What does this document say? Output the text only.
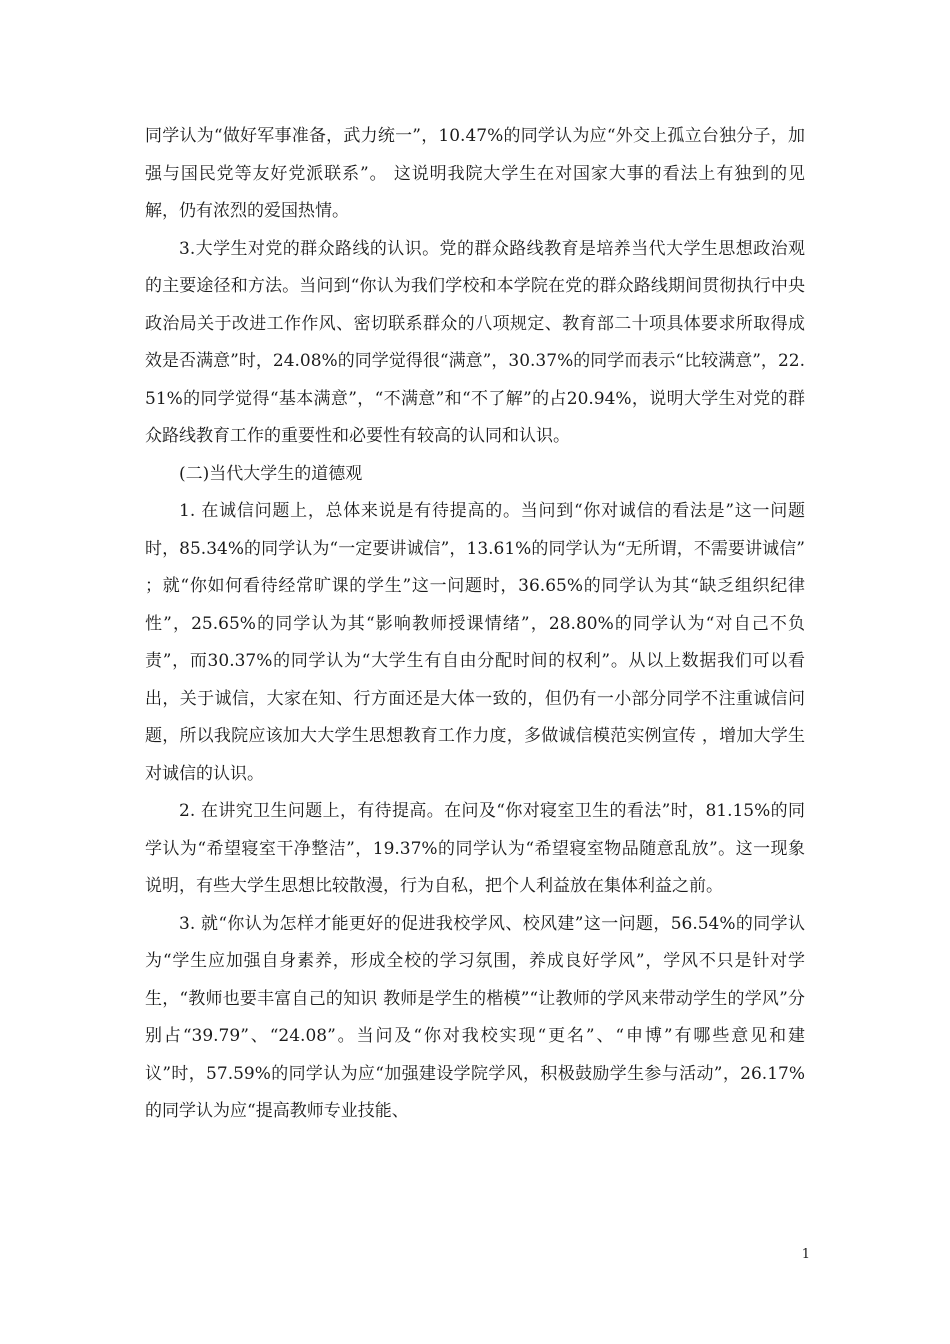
同学认为“做好军事准备，武力统一”，10.47%的同学认为应“外交上孤立台独分子，加强与国民党等友好党派联系”。 这说明我院大学生在对国家大事的看法上有独到的见解，仍有浓烈的爱国热情。

3.大学生对党的群众路线的认识。党的群众路线教育是培养当代大学生思想政治观的主要途径和方法。当问到“你认为我们学校和本学院在党的群众路线期间贯彻执行中央政治局关于改进工作作风、密切联系群众的八项规定、教育部二十项具体要求所取得成效是否满意”时，24.08%的同学觉得很“满意”，30.37%的同学而表示“比较满意”，22.51%的同学觉得“基本满意”，“不满意”和“不了解”的占20.94%，说明大学生对党的群众路线教育工作的重要性和必要性有较高的认同和认识。

(二)当代大学生的道德观

1. 在诚信问题上，总体来说是有待提高的。当问到“你对诚信的看法是”这一问题时，85.34%的同学认为“一定要讲诚信”，13.61%的同学认为“无所谓，不需要讲诚信” ；就“你如何看待经常旷课的学生”这一问题时，36.65%的同学认为其“缺乏组织纪律性”，25.65%的同学认为其“影响教师授课情绪”，28.80%的同学认为“对自己不负责”，而30.37%的同学认为“大学生有自由分配时间的权利”。从以上数据我们可以看出，关于诚信，大家在知、行方面还是大体一致的，但仍有一小部分同学不注重诚信问题，所以我院应该加大大学生思想教育工作力度，多做诚信模范实例宣传 ，增加大学生对诚信的认识。

2. 在讲究卫生问题上，有待提高。在问及“你对寝室卫生的看法”时，81.15%的同学认为“希望寝室干净整洁”，19.37%的同学认为“希望寝室物品随意乱放”。这一现象说明，有些大学生思想比较散漫，行为自私，把个人利益放在集体利益之前。

3. 就“你认为怎样才能更好的促进我校学风、校风建”这一问题，56.54%的同学认为“学生应加强自身素养，形成全校的学习氛围，养成良好学风”，学风不只是针对学生，“教师也要丰富自己的知识 教师是学生的楷模”“让教师的学风来带动学生的学风”分别占“39.79”、“24.08”。当问及“你对我校实现“更名”、“申博”有哪些意见和建议”时，57.59%的同学认为应“加强建设学院学风，积极鼓励学生参与活动”，26.17%的同学认为应“提高教师专业技能、

1
